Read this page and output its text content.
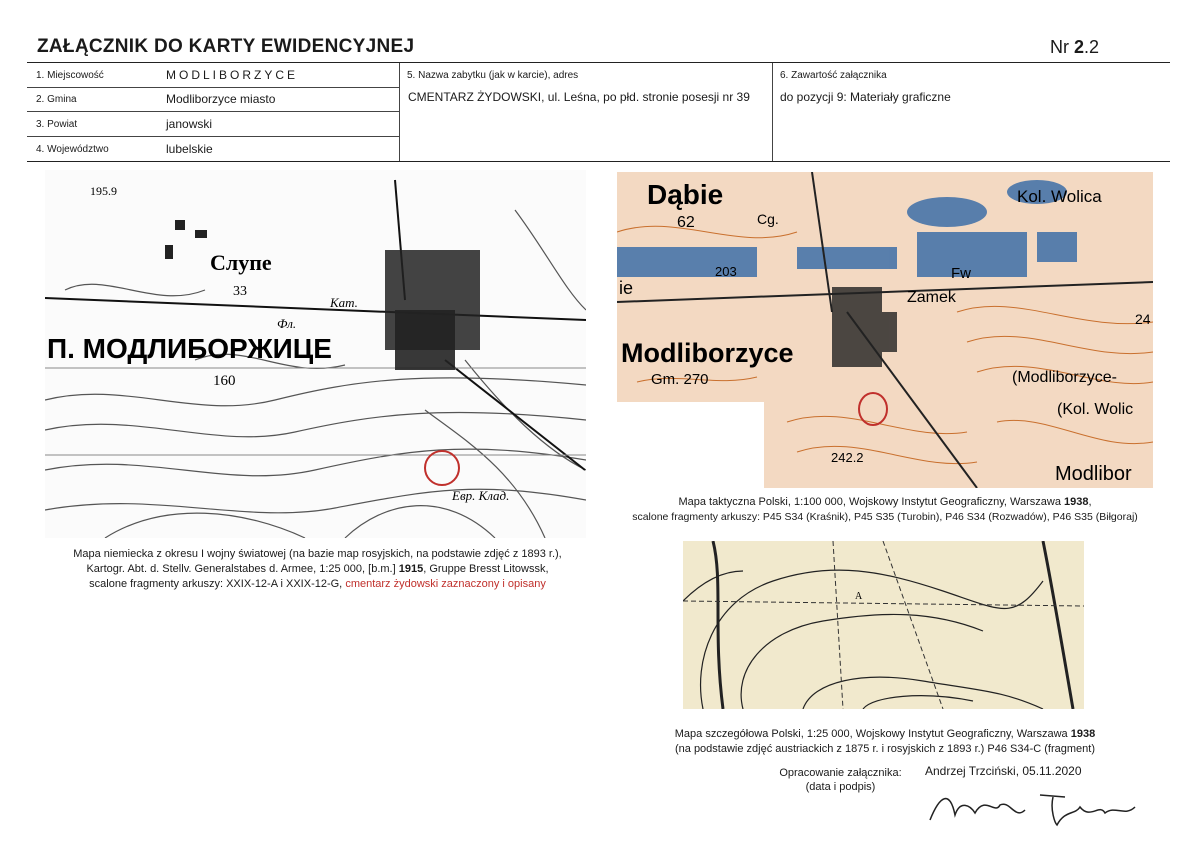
ZAŁĄCZNIK DO KARTY EWIDENCYJNEJ	Nr 2.2
1. Miejscowość	MODLIBORZYCE
2. Gmina	Modliborzyce miasto
3. Powiat	janowski
4. Województwo	lubelskie
5. Nazwa zabytku (jak w karcie), adres
CMENTARZ ŻYDOWSKI, ul. Leśna, po płd. stronie posesji nr 39
6. Zawartość załącznika
do pozycji 9: Materiały graficzne
Слупе
33
Кат.
Фл.
П. МОДЛИБОРЖИЦЕ
160
195.9
Евр. Клад.
Mapa niemiecka z okresu I wojny światowej (na bazie map rosyjskich, na podstawie zdjęć z 1893 r.),
Kartogr. Abt. d. Stellv. Generalstabes d. Armee, 1:25 000, [b.m.] 1915, Gruppe Bresst Litowssk,
scalone fragmenty arkuszy: XXIX-12-A i XXIX-12-G, cmentarz żydowski zaznaczony i opisany
Dąbie
62	Cg.
Kol. Wolica
ie
203	Fw
Zamek
Modliborzyce
Gm. 270	(Modliborzyce-
(Kol. Wolic
242.2
Modlibor
24
Mapa taktyczna Polski, 1:100 000, Wojskowy Instytut Geograficzny, Warszawa 1938,
scalone fragmenty arkuszy: P45 S34 (Kraśnik), P45 S35 (Turobin), P46 S34 (Rozwadów), P46 S35 (Biłgoraj)
A
Mapa szczegółowa Polski, 1:25 000, Wojskowy Instytut Geograficzny, Warszawa 1938
(na podstawie zdjęć austriackich z 1875 r. i rosyjskich z 1893 r.) P46 S34-C (fragment)
Opracowanie załącznika:
(data i podpis)
Andrzej Trzciński, 05.11.2020
